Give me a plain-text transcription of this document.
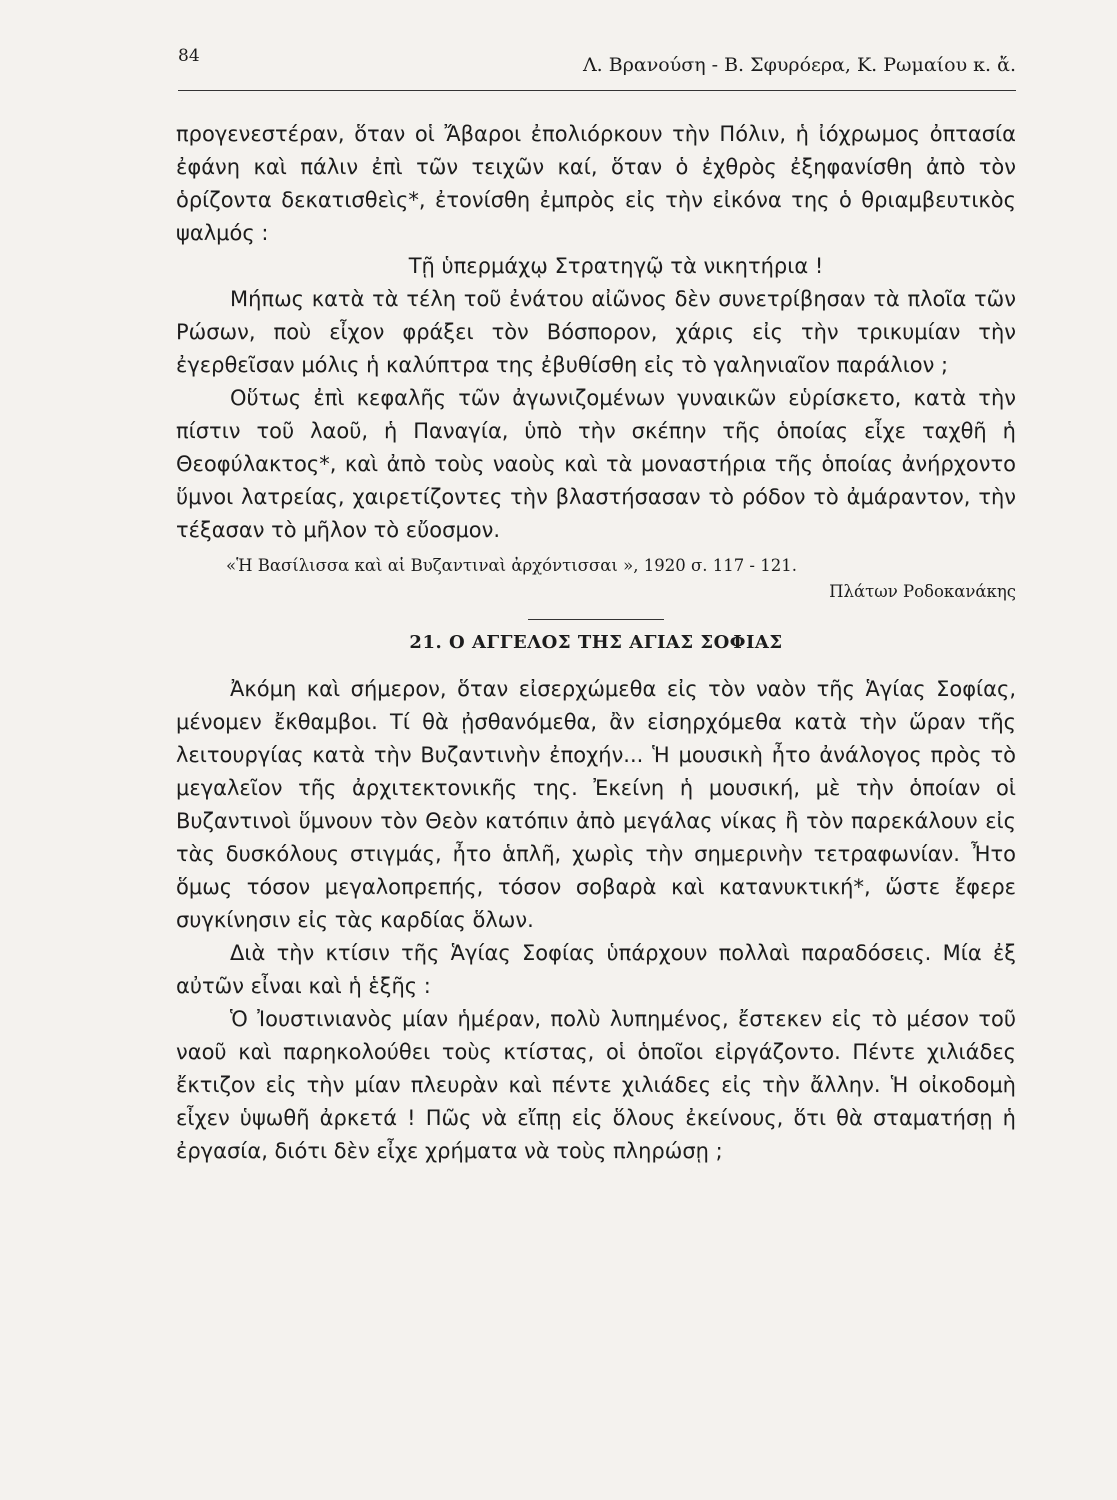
84	Λ. Βρανούση - Β. Σφυρόερα, Κ. Ρωμαίου κ. ἄ.

προγενεστέραν, ὅταν οἱ Ἄβαροι ἐπολιόρκουν τὴν Πόλιν, ἡ ἰόχρωμος ὀπτασία ἐφάνη καὶ πάλιν ἐπὶ τῶν τειχῶν καί, ὅταν ὁ ἐχθρὸς ἐξηφανίσθη ἀπὸ τὸν ὁρίζοντα δεκατισθεὶς*, ἐτονίσθη ἐμπρὸς εἰς τὴν εἰκόνα της ὁ θριαμβευτικὸς ψαλμός :

Τῇ ὑπερμάχῳ Στρατηγῷ τὰ νικητήρια !

Μήπως κατὰ τὰ τέλη τοῦ ἐνάτου αἰῶνος δὲν συνετρίβησαν τὰ πλοῖα τῶν Ρώσων, ποὺ εἶχον φράξει τὸν Βόσπορον, χάρις εἰς τὴν τρικυμίαν τὴν ἐγερθεῖσαν μόλις ἡ καλύπτρα της ἐβυθίσθη εἰς τὸ γαληνιαῖον παράλιον ;

Οὕτως ἐπὶ κεφαλῆς τῶν ἀγωνιζομένων γυναικῶν εὑρίσκετο, κατὰ τὴν πίστιν τοῦ λαοῦ, ἡ Παναγία, ὑπὸ τὴν σκέπην τῆς ὁποίας εἶχε ταχθῆ ἡ Θεοφύλακτος*, καὶ ἀπὸ τοὺς ναοὺς καὶ τὰ μοναστήρια τῆς ὁποίας ἀνήρχοντο ὕμνοι λατρείας, χαιρετίζοντες τὴν βλαστήσασαν τὸ ρόδον τὸ ἀμάραντον, τὴν τέξασαν τὸ μῆλον τὸ εὔοσμον.

«Ἡ Βασίλισσα καὶ αἱ Βυζαντιναὶ ἀρχόντισσαι », 1920 σ. 117 - 121.
Πλάτων Ροδοκανάκης
21. Ο ΑΓΓΕΛΟΣ ΤΗΣ ΑΓΙΑΣ ΣΟΦΙΑΣ

Ἀκόμη καὶ σήμερον, ὅταν εἰσερχώμεθα εἰς τὸν ναὸν τῆς Ἁγίας Σοφίας, μένομεν ἔκθαμβοι. Τί θὰ ᾐσθανόμεθα, ἂν εἰσηρχόμεθα κατὰ τὴν ὥραν τῆς λειτουργίας κατὰ τὴν Βυζαντινὴν ἐποχήν... Ἡ μουσικὴ ἦτο ἀνάλογος πρὸς τὸ μεγαλεῖον τῆς ἀρχιτεκτονικῆς της. Ἐκείνη ἡ μουσική, μὲ τὴν ὁποίαν οἱ Βυζαντινοὶ ὕμνουν τὸν Θεὸν κατόπιν ἀπὸ μεγάλας νίκας ἢ τὸν παρεκάλουν εἰς τὰς δυσκόλους στιγμάς, ἦτο ἁπλῆ, χωρὶς τὴν σημερινὴν τετραφωνίαν. Ἦτο ὅμως τόσον μεγαλοπρεπής, τόσον σοβαρὰ καὶ κατανυκτική*, ὥστε ἔφερε συγκίνησιν εἰς τὰς καρδίας ὅλων.

Διὰ τὴν κτίσιν τῆς Ἁγίας Σοφίας ὑπάρχουν πολλαὶ παραδόσεις. Μία ἐξ αὐτῶν εἶναι καὶ ἡ ἑξῆς :

Ὁ Ἰουστινιανὸς μίαν ἡμέραν, πολὺ λυπημένος, ἔστεκεν εἰς τὸ μέσον τοῦ ναοῦ καὶ παρηκολούθει τοὺς κτίστας, οἱ ὁποῖοι εἰργάζοντο. Πέντε χιλιάδες ἔκτιζον εἰς τὴν μίαν πλευρὰν καὶ πέντε χιλιάδες εἰς τὴν ἄλλην. Ἡ οἰκοδομὴ εἶχεν ὑψωθῆ ἀρκετά ! Πῶς νὰ εἴπῃ εἰς ὅλους ἐκείνους, ὅτι θὰ σταματήσῃ ἡ ἐργασία, διότι δὲν εἶχε χρήματα νὰ τοὺς πληρώσῃ ;
